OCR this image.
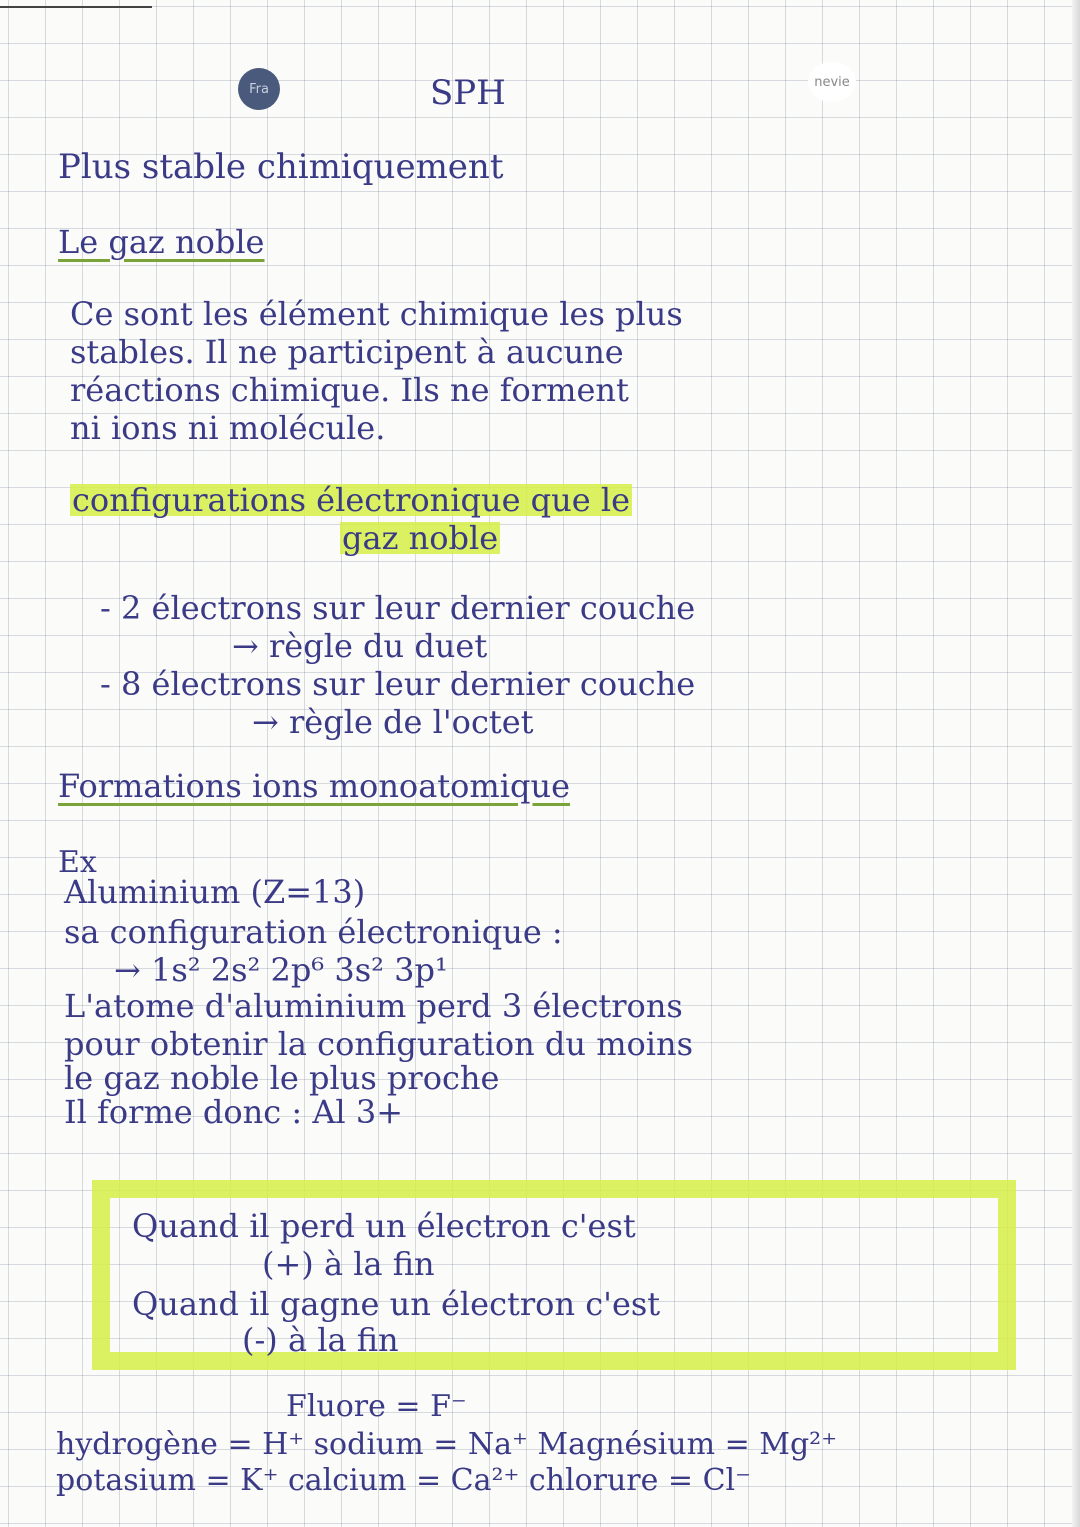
Fra	nevie
SPH
Plus stable chimiquement
Le gaz noble
Ce sont les élément chimique les plus
stables. Il ne participent à aucune
réactions chimique. Ils ne forment
ni ions ni molécule.
configurations électronique que le
gaz noble
- 2 électrons sur leur dernier couche
→ règle du duet
- 8 électrons sur leur dernier couche
→ règle de l'octet
Formations ions monoatomique
Ex
Aluminium (Z=13)
sa configuration électronique :
→ 1s² 2s² 2p⁶ 3s² 3p¹
L'atome d'aluminium perd 3 électrons
pour obtenir la configuration du moins
le gaz noble le plus proche
Il forme donc : Al 3+
Quand il perd un électron c'est
(+) à la fin
Quand il gagne un électron c'est
(-) à la fin
Fluore = F⁻
hydrogène = H⁺ sodium = Na⁺ Magnésium = Mg²⁺
potasium = K⁺ calcium = Ca²⁺ chlorure = Cl⁻
